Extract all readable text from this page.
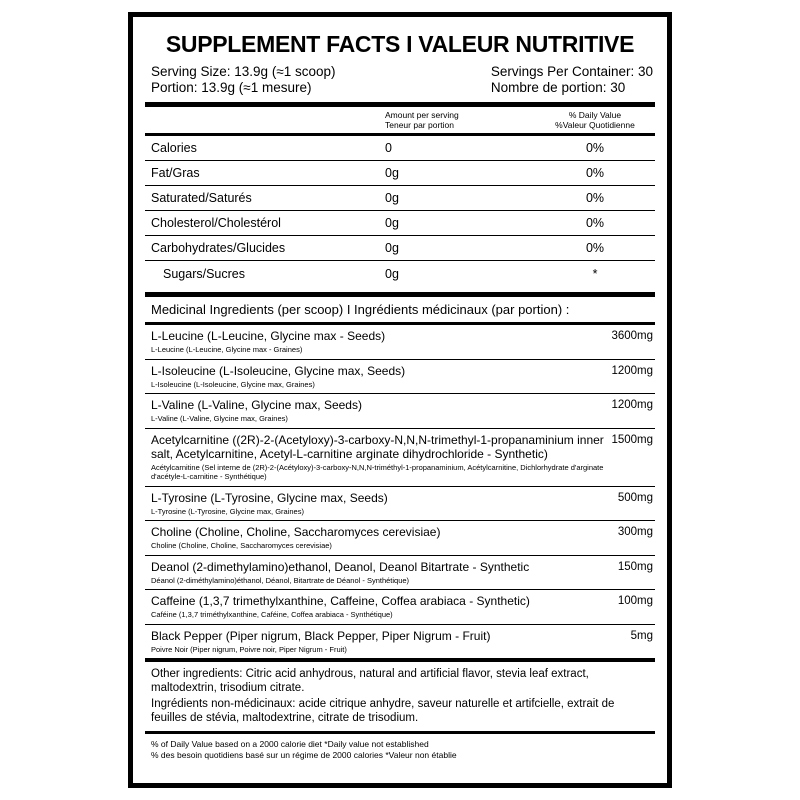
SUPPLEMENT FACTS I VALEUR NUTRITIVE
Serving Size: 13.9g (≈1 scoop)
Portion: 13.9g (≈1 mesure)
Servings Per Container: 30
Nombre de portion: 30
Amount per serving
Teneur par portion
% Daily Value
%Valeur Quotidienne
Calories	0	0%
Fat/Gras	0g	0%
Saturated/Saturés	0g	0%
Cholesterol/Cholestérol	0g	0%
Carbohydrates/Glucides	0g	0%
Sugars/Sucres	0g	*
Medicinal Ingredients (per scoop) I Ingrédients médicinaux (par portion) :
L-Leucine (L-Leucine, Glycine max - Seeds)
L-Leucine (L-Leucine, Glycine max - Graines)
3600mg
L-Isoleucine (L-Isoleucine, Glycine max, Seeds)
L-Isoleucine (L-Isoleucine, Glycine max, Graines)
1200mg
L-Valine (L-Valine, Glycine max, Seeds)
L-Valine (L-Valine, Glycine max, Graines)
1200mg
Acetylcarnitine ((2R)-2-(Acetyloxy)-3-carboxy-N,N,N-trimethyl-1-propanaminium inner salt, Acetylcarnitine, Acetyl-L-carnitine arginate dihydrochloride - Synthetic)
Acétylcarnitine (Sel interne de (2R)-2-(Acétyloxy)-3-carboxy-N,N,N-triméthyl-1-propanaminium, Acétylcarnitine, Dichlorhydrate d'arginate d'acétyle-L-carnitine - Synthétique)
1500mg
L-Tyrosine (L-Tyrosine, Glycine max, Seeds)
L-Tyrosine (L-Tyrosine, Glycine max, Graines)
500mg
Choline (Choline, Choline, Saccharomyces cerevisiae)
Choline (Choline, Choline, Saccharomyces cerevisiae)
300mg
Deanol (2-dimethylamino)ethanol, Deanol, Deanol Bitartrate - Synthetic
Déanol (2-diméthylamino)éthanol, Déanol, Bitartrate de Déanol - Synthétique)
150mg
Caffeine (1,3,7 trimethylxanthine, Caffeine, Coffea arabiaca - Synthetic)
Caféine (1,3,7 triméthylxanthine, Caféine, Coffea arabiaca - Synthétique)
100mg
Black Pepper (Piper nigrum, Black Pepper, Piper Nigrum - Fruit)
Poivre Noir (Piper nigrum, Poivre noir, Piper Nigrum - Fruit)
5mg
Other ingredients: Citric acid anhydrous, natural and artificial flavor, stevia leaf extract, maltodextrin, trisodium citrate.
Ingrédients non-médicinaux: acide citrique anhydre, saveur naturelle et artifcielle, extrait de feuilles de stévia, maltodextrine, citrate de trisodium.
% of Daily Value based on a 2000 calorie diet *Daily value not established
% des besoin quotidiens basé sur un régime de 2000 calories *Valeur non établie
